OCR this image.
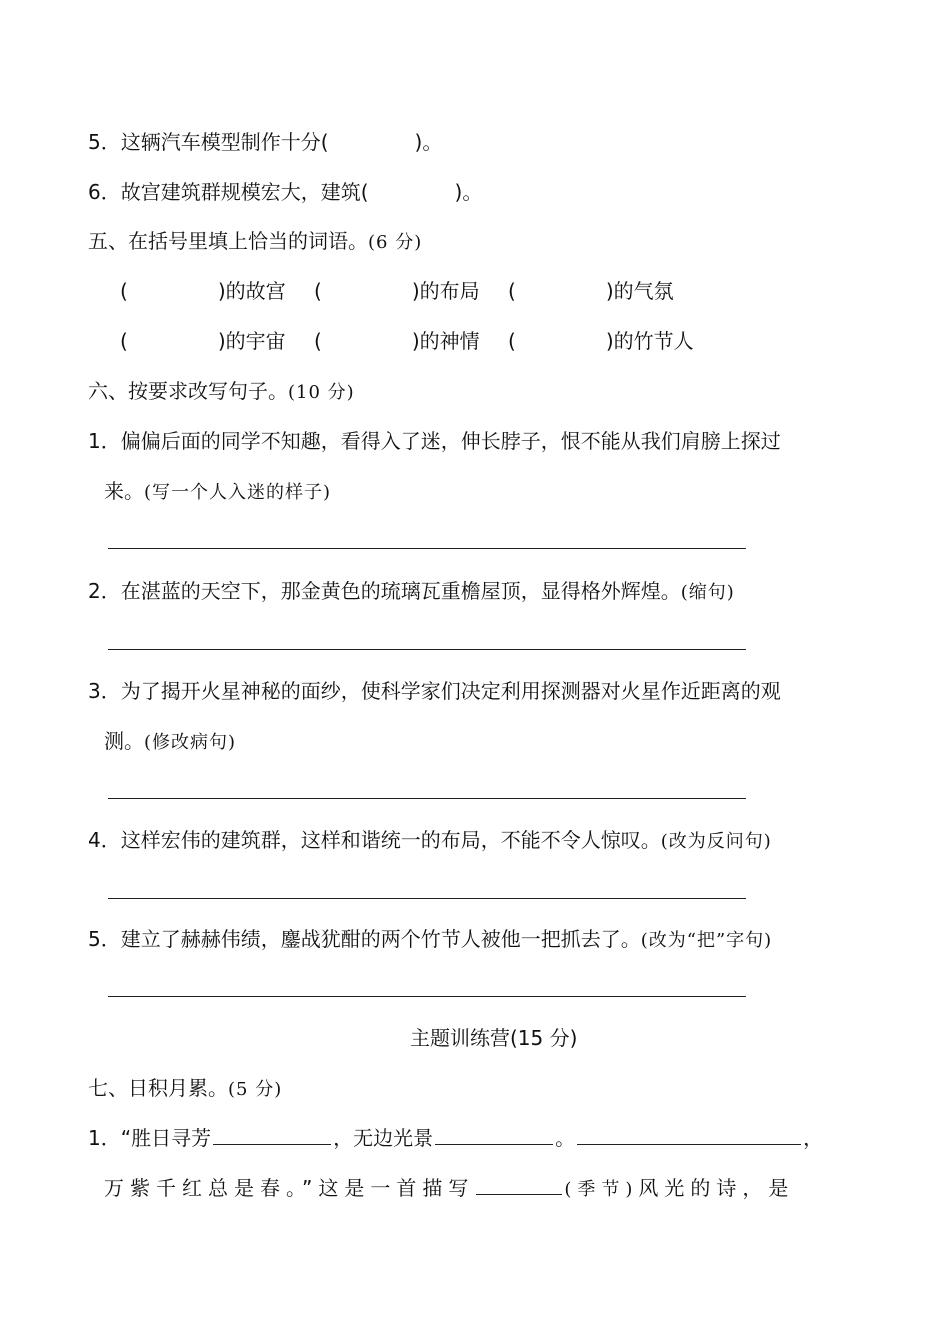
5．这辆汽车模型制作十分(	)。
6．故宫建筑群规模宏大，建筑(	)。
五、在括号里填上恰当的词语。(6 分)
(	)的故宫 (	)的布局 (	)的气氛
(	)的宇宙 (	)的神情 (	)的竹节人
六、按要求改写句子。(10 分)
1．偏偏后面的同学不知趣，看得入了迷，伸长脖子，恨不能从我们肩膀上探过
来。(写一个人入迷的样子)
2．在湛蓝的天空下，那金黄色的琉璃瓦重檐屋顶，显得格外辉煌。(缩句)
3．为了揭开火星神秘的面纱，使科学家们决定利用探测器对火星作近距离的观
测。(修改病句)
4．这样宏伟的建筑群，这样和谐统一的布局，不能不令人惊叹。(改为反问句)
5．建立了赫赫伟绩，鏖战犹酣的两个竹节人被他一把抓去了。(改为“把”字句)
主题训练营(15 分)
七、日积月累。(5 分)
1．“胜日寻芳	，无边光景	。	，
万紫千红总是春。”这是一首描写	(季节)风光的诗，是
